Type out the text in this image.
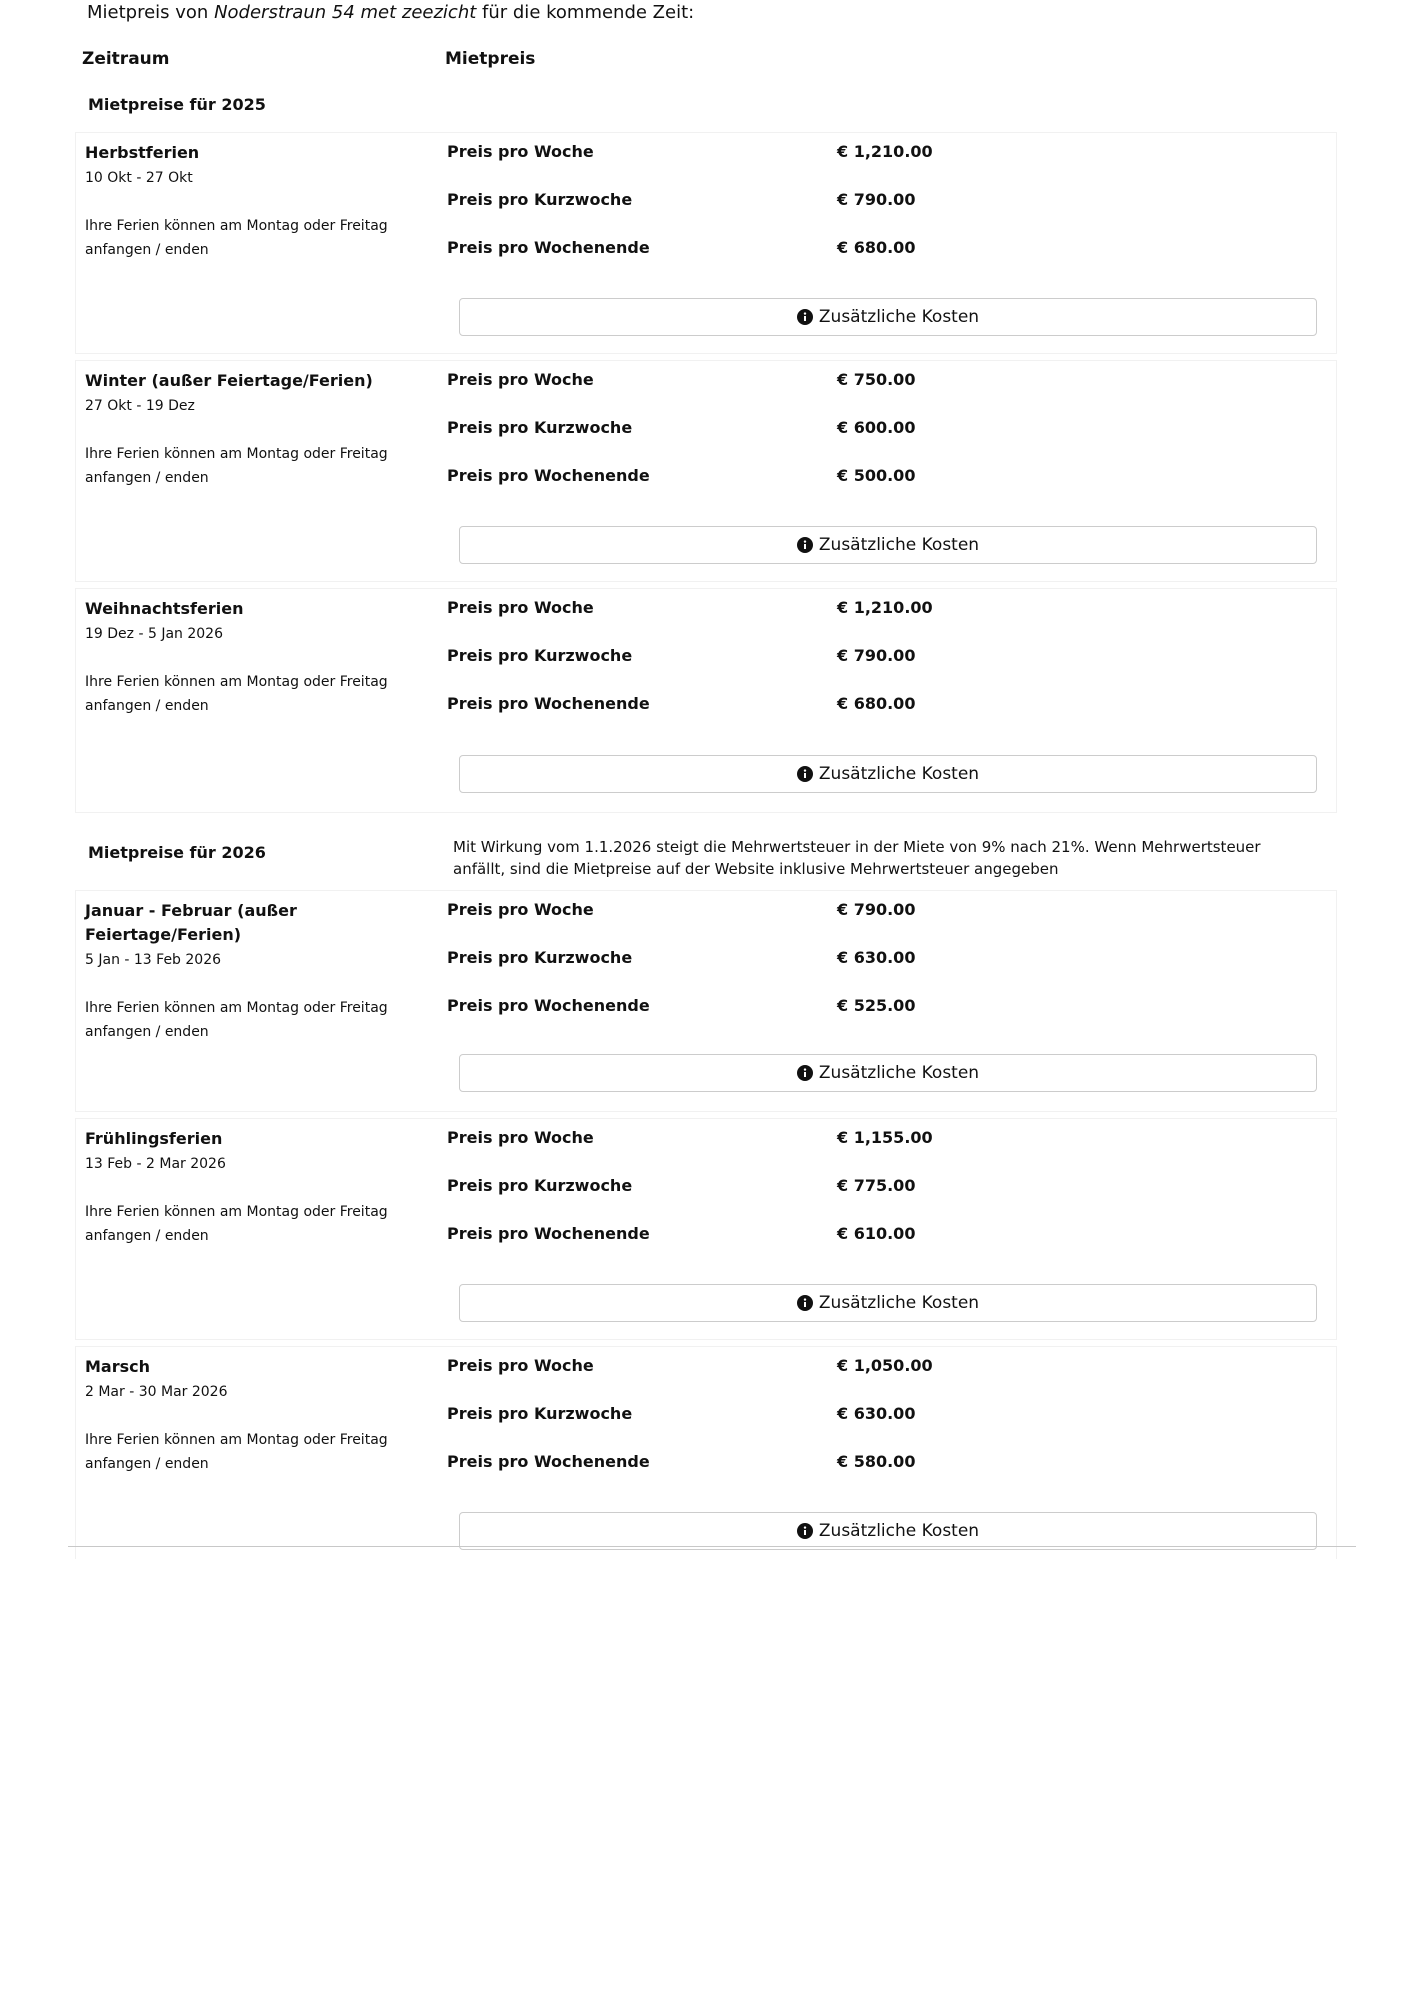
Mietpreis von Noderstraun 54 met zeezicht für die kommende Zeit:
Zeitraum	Mietpreis
Mietpreise für 2025
Herbstferien
10 Okt - 27 Okt
Ihre Ferien können am Montag oder Freitag anfangen / enden
Preis pro Woche	€ 1,210.00
Preis pro Kurzwoche	€ 790.00
Preis pro Wochenende	€ 680.00
Zusätzliche Kosten
Winter (außer Feiertage/Ferien)
27 Okt - 19 Dez
Ihre Ferien können am Montag oder Freitag anfangen / enden
Preis pro Woche	€ 750.00
Preis pro Kurzwoche	€ 600.00
Preis pro Wochenende	€ 500.00
Zusätzliche Kosten
Weihnachtsferien
19 Dez - 5 Jan 2026
Ihre Ferien können am Montag oder Freitag anfangen / enden
Preis pro Woche	€ 1,210.00
Preis pro Kurzwoche	€ 790.00
Preis pro Wochenende	€ 680.00
Zusätzliche Kosten
Mietpreise für 2026	Mit Wirkung vom 1.1.2026 steigt die Mehrwertsteuer in der Miete von 9% nach 21%. Wenn Mehrwertsteuer anfällt, sind die Mietpreise auf der Website inklusive Mehrwertsteuer angegeben
Januar - Februar (außer Feiertage/Ferien)
5 Jan - 13 Feb 2026
Ihre Ferien können am Montag oder Freitag anfangen / enden
Preis pro Woche	€ 790.00
Preis pro Kurzwoche	€ 630.00
Preis pro Wochenende	€ 525.00
Zusätzliche Kosten
Frühlingsferien
13 Feb - 2 Mar 2026
Ihre Ferien können am Montag oder Freitag anfangen / enden
Preis pro Woche	€ 1,155.00
Preis pro Kurzwoche	€ 775.00
Preis pro Wochenende	€ 610.00
Zusätzliche Kosten
Marsch
2 Mar - 30 Mar 2026
Ihre Ferien können am Montag oder Freitag anfangen / enden
Preis pro Woche	€ 1,050.00
Preis pro Kurzwoche	€ 630.00
Preis pro Wochenende	€ 580.00
Zusätzliche Kosten
